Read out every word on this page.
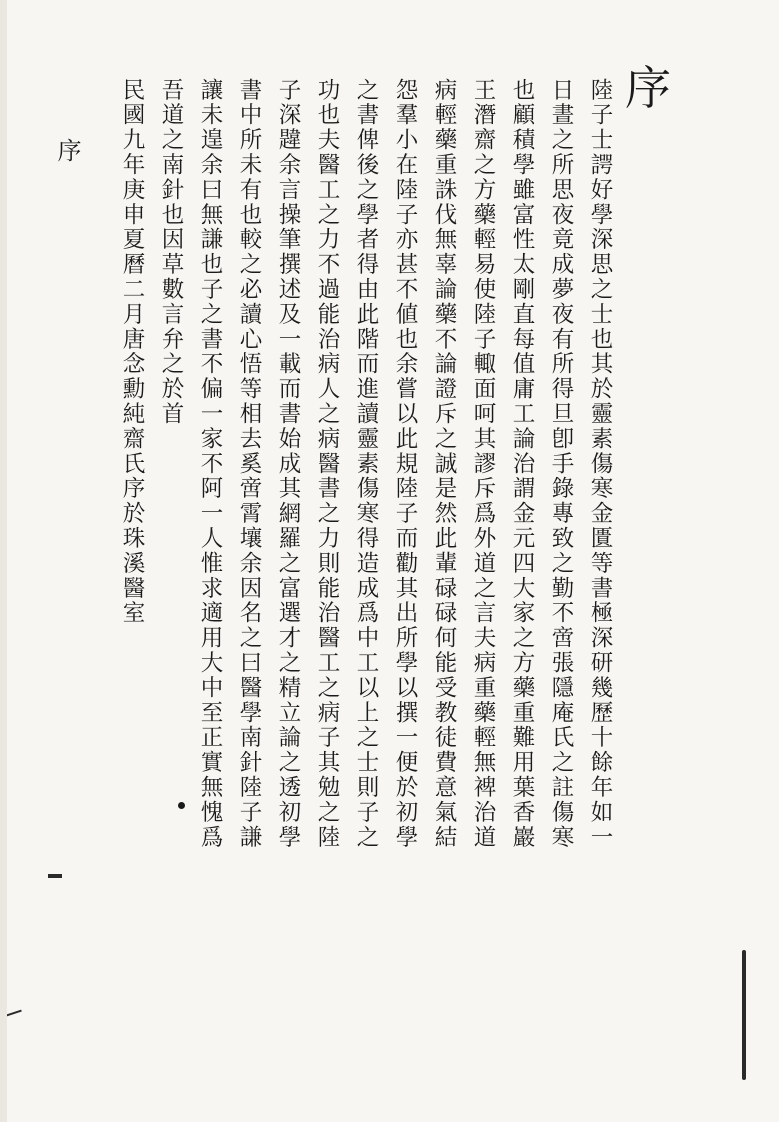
序
序	陸子士諤好學深思之士也其於靈素傷寒金匱等書極深研幾歷十餘年如一
日晝之所思夜竟成夢夜有所得旦卽手錄專致之勤不啻張隱庵氏之註傷寒
也顧積學雖富性太剛直每值庸工論治謂金元四大家之方藥重難用葉香巖
王潛齋之方藥輕易使陸子輙面呵其謬斥爲外道之言夫病重藥輕無裨治道
病輕藥重誅伐無辜論藥不論證斥之誠是然此輩碌碌何能受教徒費意氣結
怨羣小在陸子亦甚不値也余嘗以此規陸子而勸其出所學以撰一便於初學
之書俾後之學者得由此階而進讀靈素傷寒得造成爲中工以上之士則子之
功也夫醫工之力不過能治病人之病醫書之力則能治醫工之病子其勉之陸
子深韙余言操筆撰述及一載而書始成其網羅之富選才之精立論之透初學
書中所未有也較之必讀心悟等相去奚啻霄壤余因名之曰醫學南針陸子謙
讓未遑余曰無謙也子之書不偏一家不阿一人惟求適用大中至正實無愧爲
吾道之南針也因草數言弁之於首
民國九年庚申夏曆二月唐念勳純齋氏序於珠溪醫室
